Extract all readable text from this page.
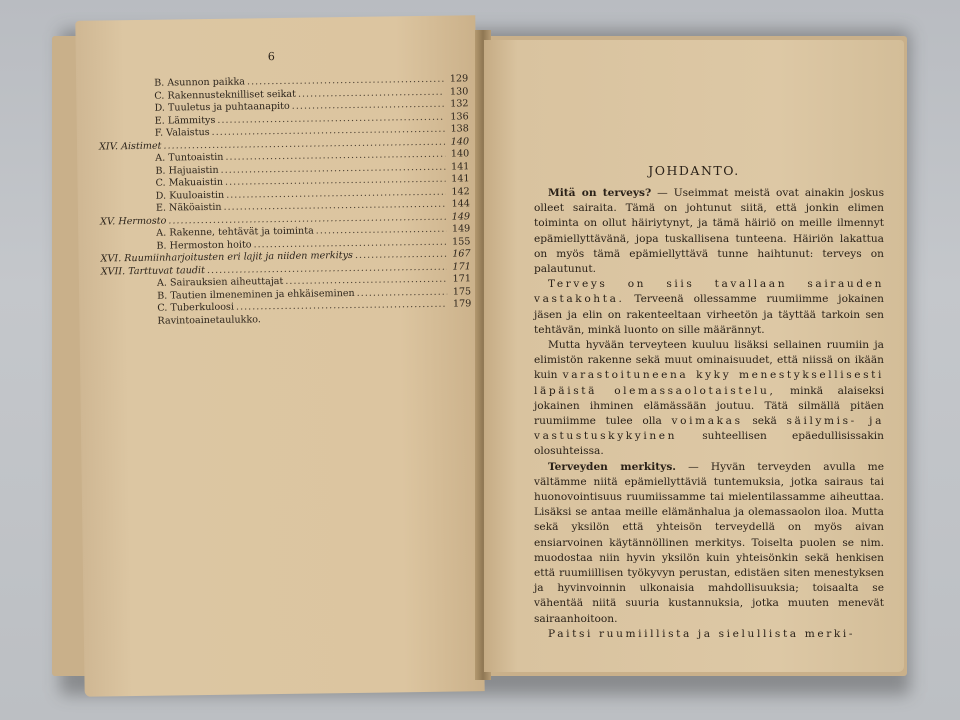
6
B. Asunnon paikka .....	129
C. Rakennusteknilliset seikat .....	130
D. Tuuletus ja puhtaanapito .....	132
E. Lämmitys .....	136
F. Valaistus .....	138
XIV. Aistimet .....	140
A. Tuntoaistin .....	140
B. Hajuaistin .....	141
C. Makuaistin .....	141
D. Kuuloaistin .....	142
E. Näköaistin .....	144
XV. Hermosto .....	149
A. Rakenne, tehtävät ja toiminta .....	149
B. Hermoston hoito .....	155
XVI. Ruumiinharjoitusten eri lajit ja niiden merkitys .....	167
XVII. Tarttuvat taudit .....	171
A. Sairauksien aiheuttajat .....	171
B. Tautien ilmeneminen ja ehkäiseminen .....	175
C. Tuberkuloosi .....	179
Ravintoainetaulukko.
JOHDANTO.

Mitä on terveys? — Useimmat meistä ovat ainakin joskus olleet sairaita. Tämä on johtunut siitä, että jonkin elimen toiminta on ollut häiriytynyt, ja tämä häiriö on meille ilmennyt epämiellyttävänä, jopa tuskallisena tunteena. Häiriön lakattua on myös tämä epämiellyttävä tunne haihtunut: terveys on palautunut.

Terveys on siis tavallaan sairauden vastakohta. Terveenä ollessamme ruumiimme jokainen jäsen ja elin on rakenteeltaan virheetön ja täyttää tarkoin sen tehtävän, minkä luonto on sille määrännyt.

Mutta hyvään terveyteen kuuluu lisäksi sellainen ruumiin ja elimistön rakenne sekä muut ominaisuudet, että niissä on ikään kuin varastoituneena kyky menestyksellisesti läpäistä olemassaolotaistelu, minkä alaiseksi jokainen ihminen elämässään joutuu. Tätä silmällä pitäen ruumiimme tulee olla voimakas sekä säilymis- ja vastustuskykyinen suhteellisen epäedullisissakin olosuhteissa.

Terveyden merkitys. — Hyvän terveyden avulla me vältämme niitä epämiellyttäviä tuntemuksia, jotka sairaus tai huonovointisuus ruumiissamme tai mielentilassamme aiheuttaa. Lisäksi se antaa meille elämänhalua ja olemassaolon iloa. Mutta sekä yksilön että yhteisön terveydellä on myös aivan ensiarvoinen käytännöllinen merkitys. Toiselta puolen se nim. muodostaa niin hyvin yksilön kuin yhteisönkin sekä henkisen että ruumiillisen työkyvyn perustan, edistäen siten menestyksen ja hyvinvoinnin ulkonaisia mahdollisuuksia; toisaalta se vähentää niitä suuria kustannuksia, jotka muuten menevät sairaanhoitoon.

Paitsi ruumiillista ja sielullista merki-
